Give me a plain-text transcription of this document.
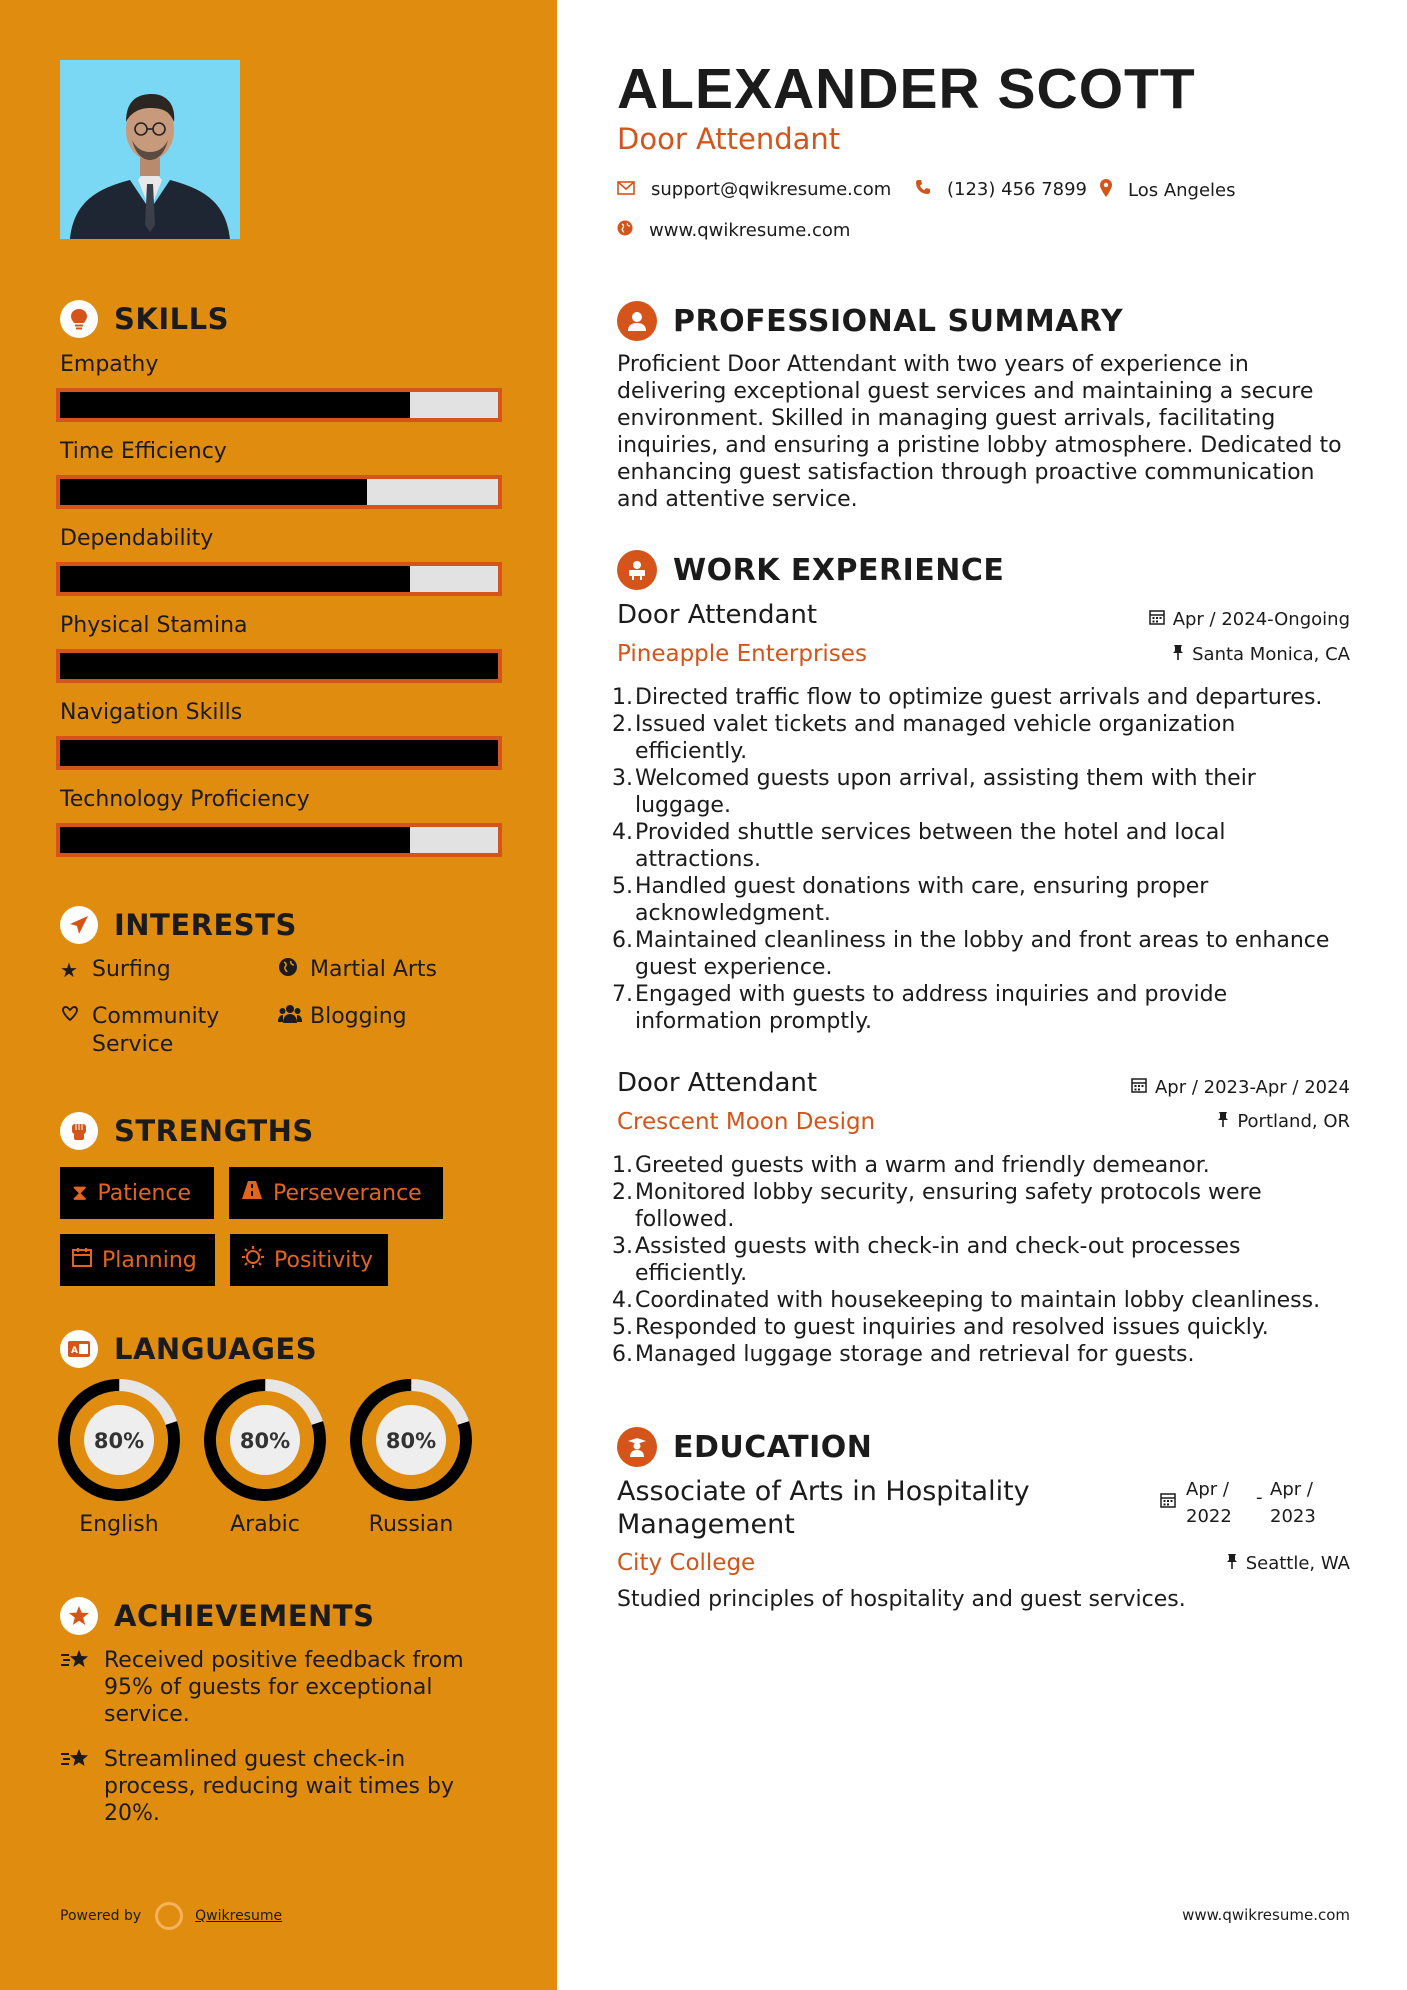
SKILLS
Empathy
Time Efficiency
Dependability
Physical Stamina
Navigation Skills
Technology Proficiency
INTERESTS
★ Surfing	Martial Arts
Community Service
Blogging
STRENGTHS
⧗ Patience	Perseverance
Planning	Positivity
A LANGUAGES
80%
English
80%
Arabic
80%
Russian
ACHIEVEMENTS
Received positive feedback from 95% of guests for exceptional service.
Streamlined guest check-in process, reducing wait times by 20%.
Powered by	Qwikresume
ALEXANDER SCOTT
Door Attendant
support@qwikresume.com	(123) 456 7899 Los Angeles
www.qwikresume.com
PROFESSIONAL SUMMARY
Proficient Door Attendant with two years of experience in delivering exceptional guest services and maintaining a secure environment. Skilled in managing guest arrivals, facilitating inquiries, and ensuring a pristine lobby atmosphere. Dedicated to enhancing guest satisfaction through proactive communication and attentive service.
WORK EXPERIENCE
Door Attendant	Apr / 2024-Ongoing
Pineapple Enterprises	Santa Monica, CA
1. Directed traffic flow to optimize guest arrivals and departures.
2. Issued valet tickets and managed vehicle organization efficiently.
3. Welcomed guests upon arrival, assisting them with their luggage.
4. Provided shuttle services between the hotel and local attractions.
5. Handled guest donations with care, ensuring proper acknowledgment.
6. Maintained cleanliness in the lobby and front areas to enhance guest experience.
7. Engaged with guests to address inquiries and provide information promptly.
Door Attendant	Apr / 2023-Apr / 2024
Crescent Moon Design	Portland, OR
1. Greeted guests with a warm and friendly demeanor.
2. Monitored lobby security, ensuring safety protocols were followed.
3. Assisted guests with check-in and check-out processes efficiently.
4. Coordinated with housekeeping to maintain lobby cleanliness.
5. Responded to guest inquiries and resolved issues quickly.
6. Managed luggage storage and retrieval for guests.
EDUCATION
Associate of Arts in Hospitality Management
Apr / 2022
- Apr / 2023
City College	Seattle, WA
Studied principles of hospitality and guest services.
www.qwikresume.com
